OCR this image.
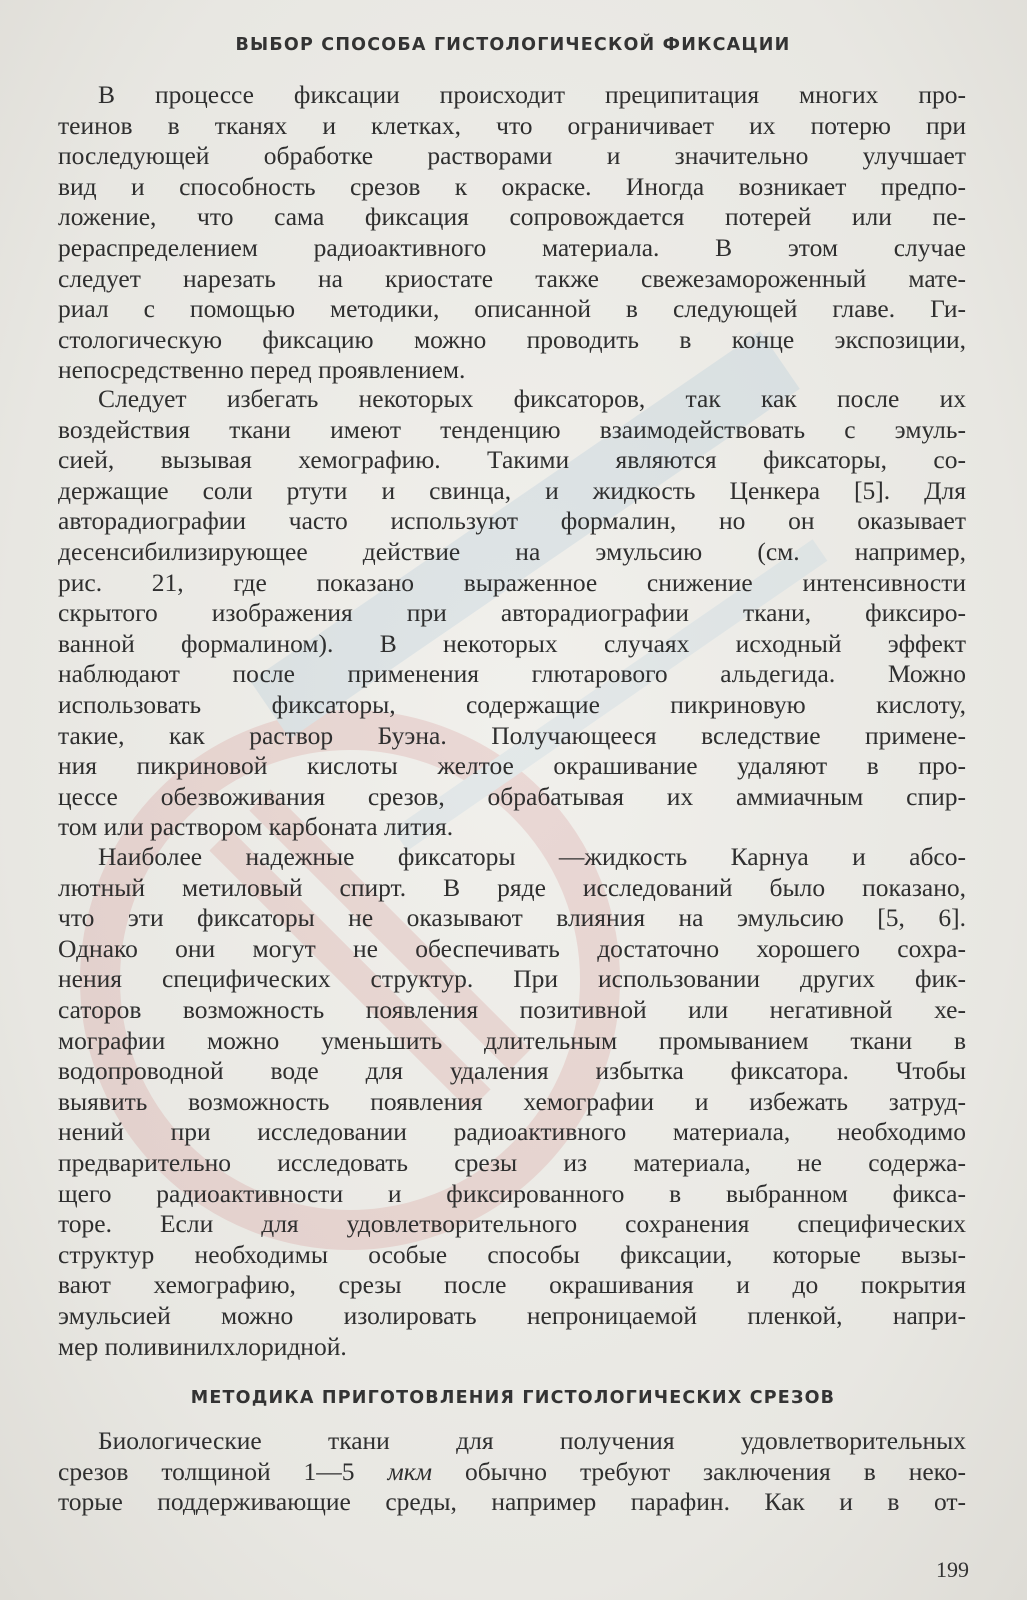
ВЫБОР СПОСОБА ГИСТОЛОГИЧЕСКОЙ ФИКСАЦИИ
В процессе фиксации происходит преципитация многих про-
теинов в тканях и клетках, что ограничивает их потерю при
последующей обработке растворами и значительно улучшает
вид и способность срезов к окраске. Иногда возникает предпо-
ложение, что сама фиксация сопровождается потерей или пе-
рераспределением радиоактивного материала. В этом случае
следует нарезать на криостате также свежезамороженный мате-
риал с помощью методики, описанной в следующей главе. Ги-
стологическую фиксацию можно проводить в конце экспозиции,
непосредственно перед проявлением.
Следует избегать некоторых фиксаторов, так как после их
воздействия ткани имеют тенденцию взаимодействовать с эмуль-
сией, вызывая хемографию. Такими являются фиксаторы, со-
держащие соли ртути и свинца, и жидкость Ценкера [5]. Для
авторадиографии часто используют формалин, но он оказывает
десенсибилизирующее действие на эмульсию (см. например,
рис. 21, где показано выраженное снижение интенсивности
скрытого изображения при авторадиографии ткани, фиксиро-
ванной формалином). В некоторых случаях исходный эффект
наблюдают после применения глютарового альдегида. Можно
использовать фиксаторы, содержащие пикриновую кислоту,
такие, как раствор Буэна. Получающееся вследствие примене-
ния пикриновой кислоты желтое окрашивание удаляют в про-
цессе обезвоживания срезов, обрабатывая их аммиачным спир-
том или раствором карбоната лития.
Наиболее надежные фиксаторы —жидкость Карнуа и абсо-
лютный метиловый спирт. В ряде исследований было показано,
что эти фиксаторы не оказывают влияния на эмульсию [5, 6].
Однако они могут не обеспечивать достаточно хорошего сохра-
нения специфических структур. При использовании других фик-
саторов возможность появления позитивной или негативной хе-
мографии можно уменьшить длительным промыванием ткани в
водопроводной воде для удаления избытка фиксатора. Чтобы
выявить возможность появления хемографии и избежать затруд-
нений при исследовании радиоактивного материала, необходимо
предварительно исследовать срезы из материала, не содержа-
щего радиоактивности и фиксированного в выбранном фикса-
торе. Если для удовлетворительного сохранения специфических
структур необходимы особые способы фиксации, которые вызы-
вают хемографию, срезы после окрашивания и до покрытия
эмульсией можно изолировать непроницаемой пленкой, напри-
мер поливинилхлоридной.
МЕТОДИКА ПРИГОТОВЛЕНИЯ ГИСТОЛОГИЧЕСКИХ СРЕЗОВ
Биологические ткани для получения удовлетворительных
срезов толщиной 1—5 мкм обычно требуют заключения в неко-
торые поддерживающие среды, например парафин. Как и в от-
199
